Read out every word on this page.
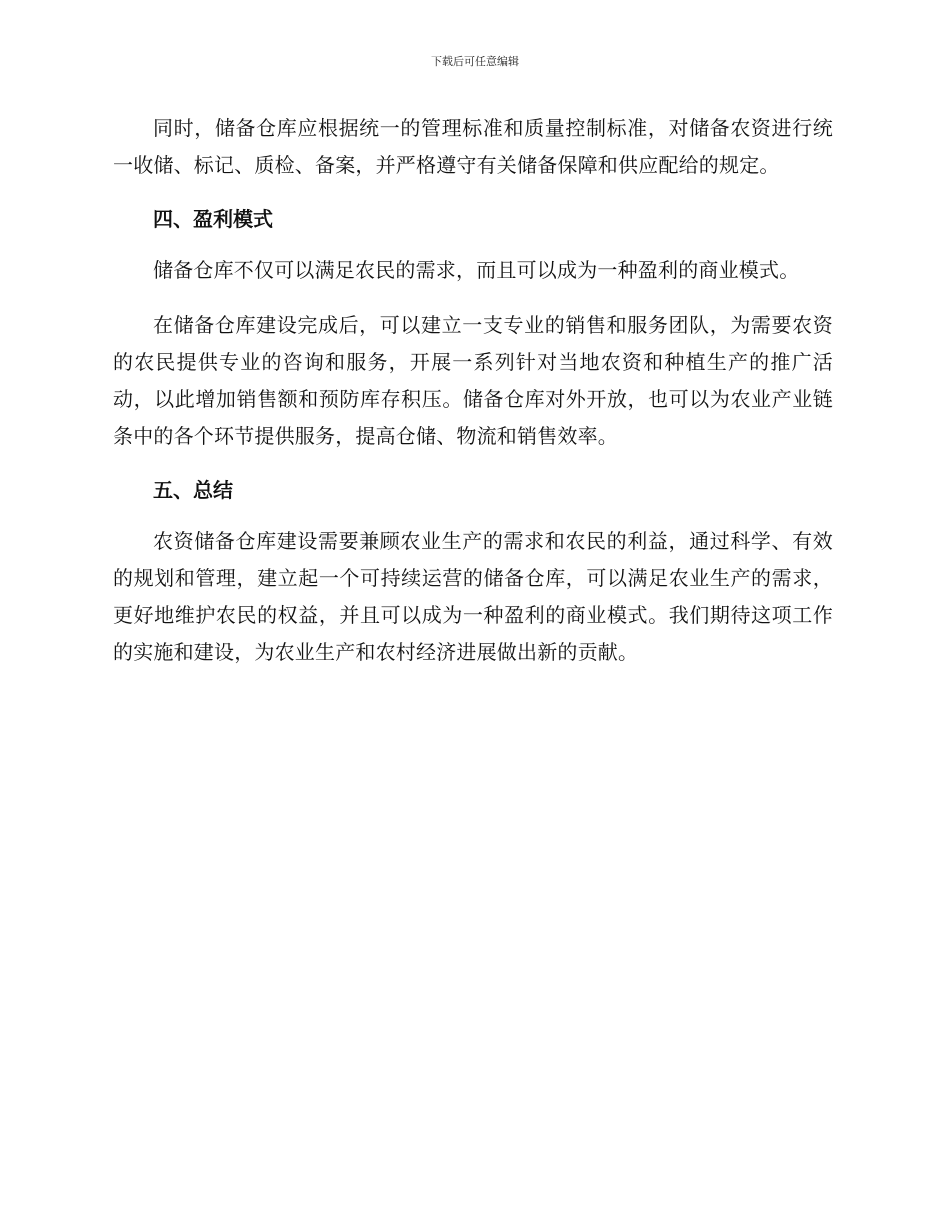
下载后可任意编辑

同时，储备仓库应根据统一的管理标准和质量控制标准，对储备农资进行统一收储、标记、质检、备案，并严格遵守有关储备保障和供应配给的规定。

四、盈利模式

储备仓库不仅可以满足农民的需求，而且可以成为一种盈利的商业模式。

在储备仓库建设完成后，可以建立一支专业的销售和服务团队，为需要农资的农民提供专业的咨询和服务，开展一系列针对当地农资和种植生产的推广活动，以此增加销售额和预防库存积压。储备仓库对外开放，也可以为农业产业链条中的各个环节提供服务，提高仓储、物流和销售效率。

五、总结

农资储备仓库建设需要兼顾农业生产的需求和农民的利益，通过科学、有效的规划和管理，建立起一个可持续运营的储备仓库，可以满足农业生产的需求，更好地维护农民的权益，并且可以成为一种盈利的商业模式。我们期待这项工作的实施和建设，为农业生产和农村经济进展做出新的贡献。
